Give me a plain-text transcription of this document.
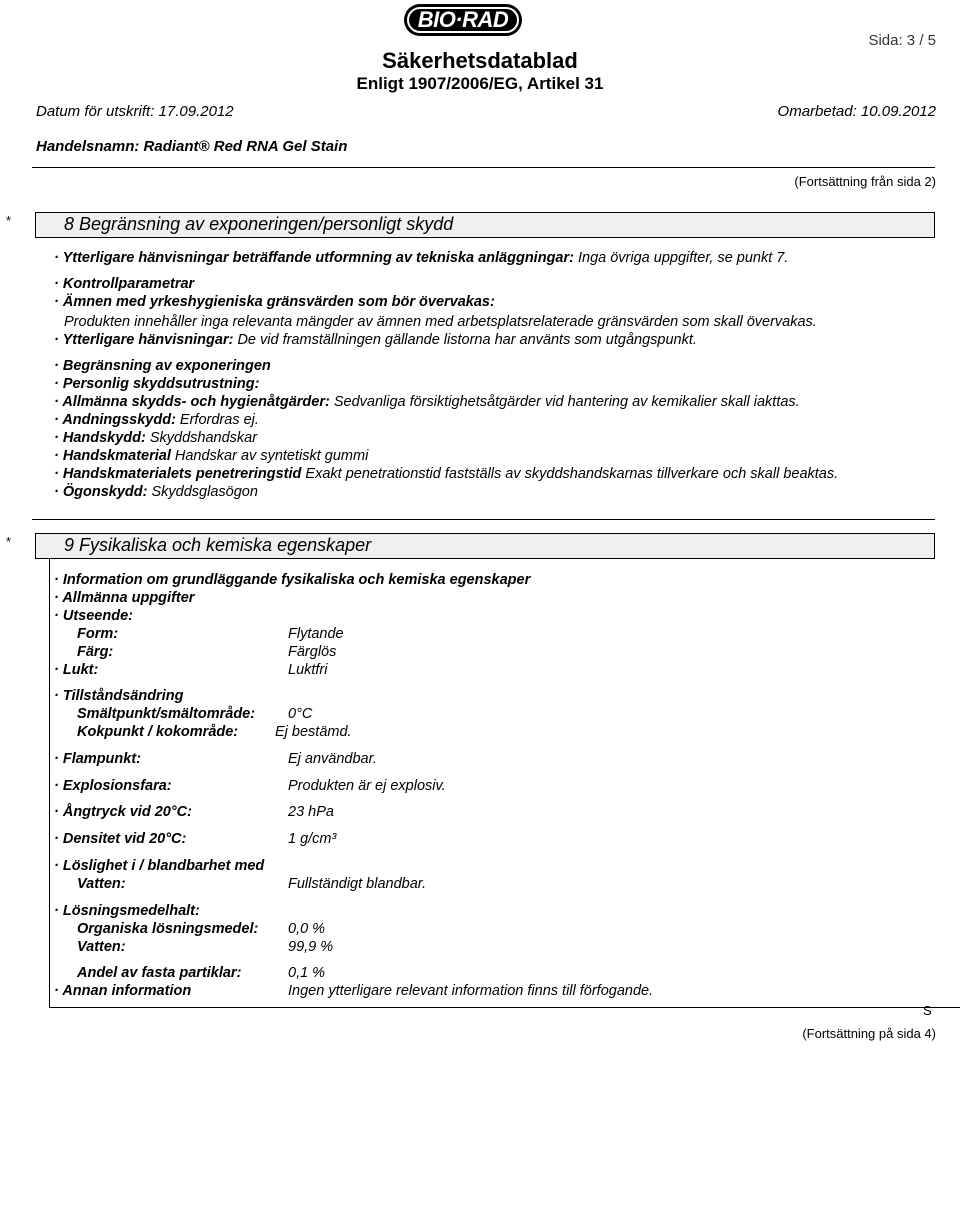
BIO·RAD
Sida: 3 / 5
Säkerhetsdatablad
Enligt 1907/2006/EG, Artikel 31
Datum för utskrift: 17.09.2012	Omarbetad: 10.09.2012
Handelsnamn: Radiant® Red RNA Gel Stain
(Fortsättning från sida 2)
*	8 Begränsning av exponeringen/personligt skydd
· Ytterligare hänvisningar beträffande utformning av tekniska anläggningar: Inga övriga uppgifter, se punkt 7.
· Kontrollparametrar
· Ämnen med yrkeshygieniska gränsvärden som bör övervakas:
Produkten innehåller inga relevanta mängder av ämnen med arbetsplatsrelaterade gränsvärden som skall övervakas.
· Ytterligare hänvisningar: De vid framställningen gällande listorna har använts som utgångspunkt.
· Begränsning av exponeringen
· Personlig skyddsutrustning:
· Allmänna skydds- och hygienåtgärder: Sedvanliga försiktighetsåtgärder vid hantering av kemikalier skall iakttas.
· Andningsskydd: Erfordras ej.
· Handskydd: Skyddshandskar
· Handskmaterial Handskar av syntetiskt gummi
· Handskmaterialets penetreringstid Exakt penetrationstid fastställs av skyddshandskarnas tillverkare och skall beaktas.
· Ögonskydd: Skyddsglasögon
*	9 Fysikaliska och kemiska egenskaper
· Information om grundläggande fysikaliska och kemiska egenskaper
· Allmänna uppgifter
· Utseende:
Form:	Flytande
Färg:	Färglös
· Lukt:	Luktfri
· Tillståndsändring
Smältpunkt/smältområde: 0°C
Kokpunkt / kokområde:	Ej bestämd.
· Flampunkt:	Ej användbar.
· Explosionsfara:	Produkten är ej explosiv.
· Ångtryck vid 20°C:	23 hPa
· Densitet vid 20°C:	1 g/cm³
· Löslighet i / blandbarhet med
Vatten:	Fullständigt blandbar.
· Lösningsmedelhalt:
Organiska lösningsmedel: 0,0 %
Vatten:	99,9 %
Andel av fasta partiklar:	0,1 %
· Annan information	Ingen ytterligare relevant information finns till förfogande.
S
(Fortsättning på sida 4)
